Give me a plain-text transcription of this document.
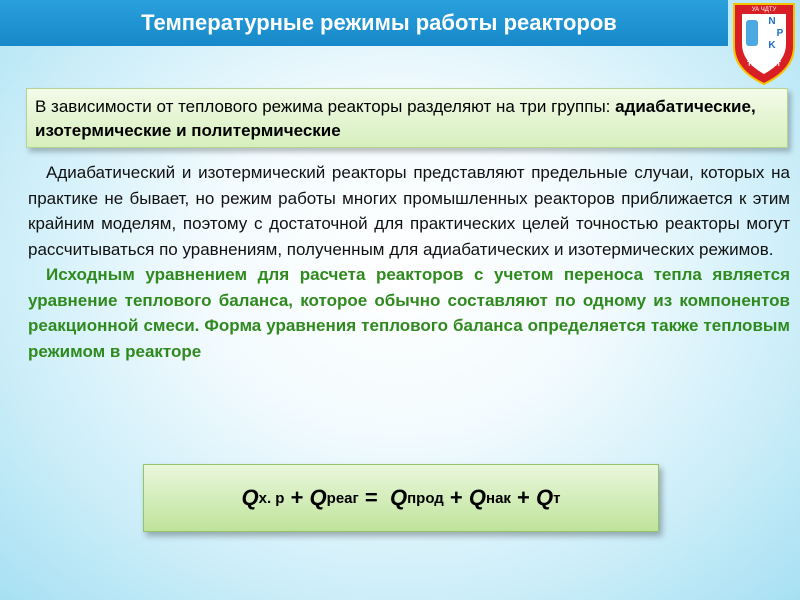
Температурные режимы работы реакторов	УА ЧДТУ
N
P
K
ТНР і АХТ
В зависимости от теплового режима реакторы разделяют на три группы: адиабатические, изотермические и политермические

Адиабатический и изотермический реакторы представляют предельные случаи, которых на практике не бывает, но режим работы многих промышленных реакторов приближается к этим крайним моделям, поэтому с достаточной для практических целей точностью реакторы могут рассчитываться по уравнениям, полученным для адиабатических и изотермических режимов.

Исходным уравнением для расчета реакторов с учетом переноса тепла является уравнение теплового баланса, которое обычно составляют по одному из компонентов реакционной смеси. Форма уравнения теплового баланса определяется также тепловым режимом в реакторе

Q х. р + Q реаг = Q прод + Q нак + Q т
